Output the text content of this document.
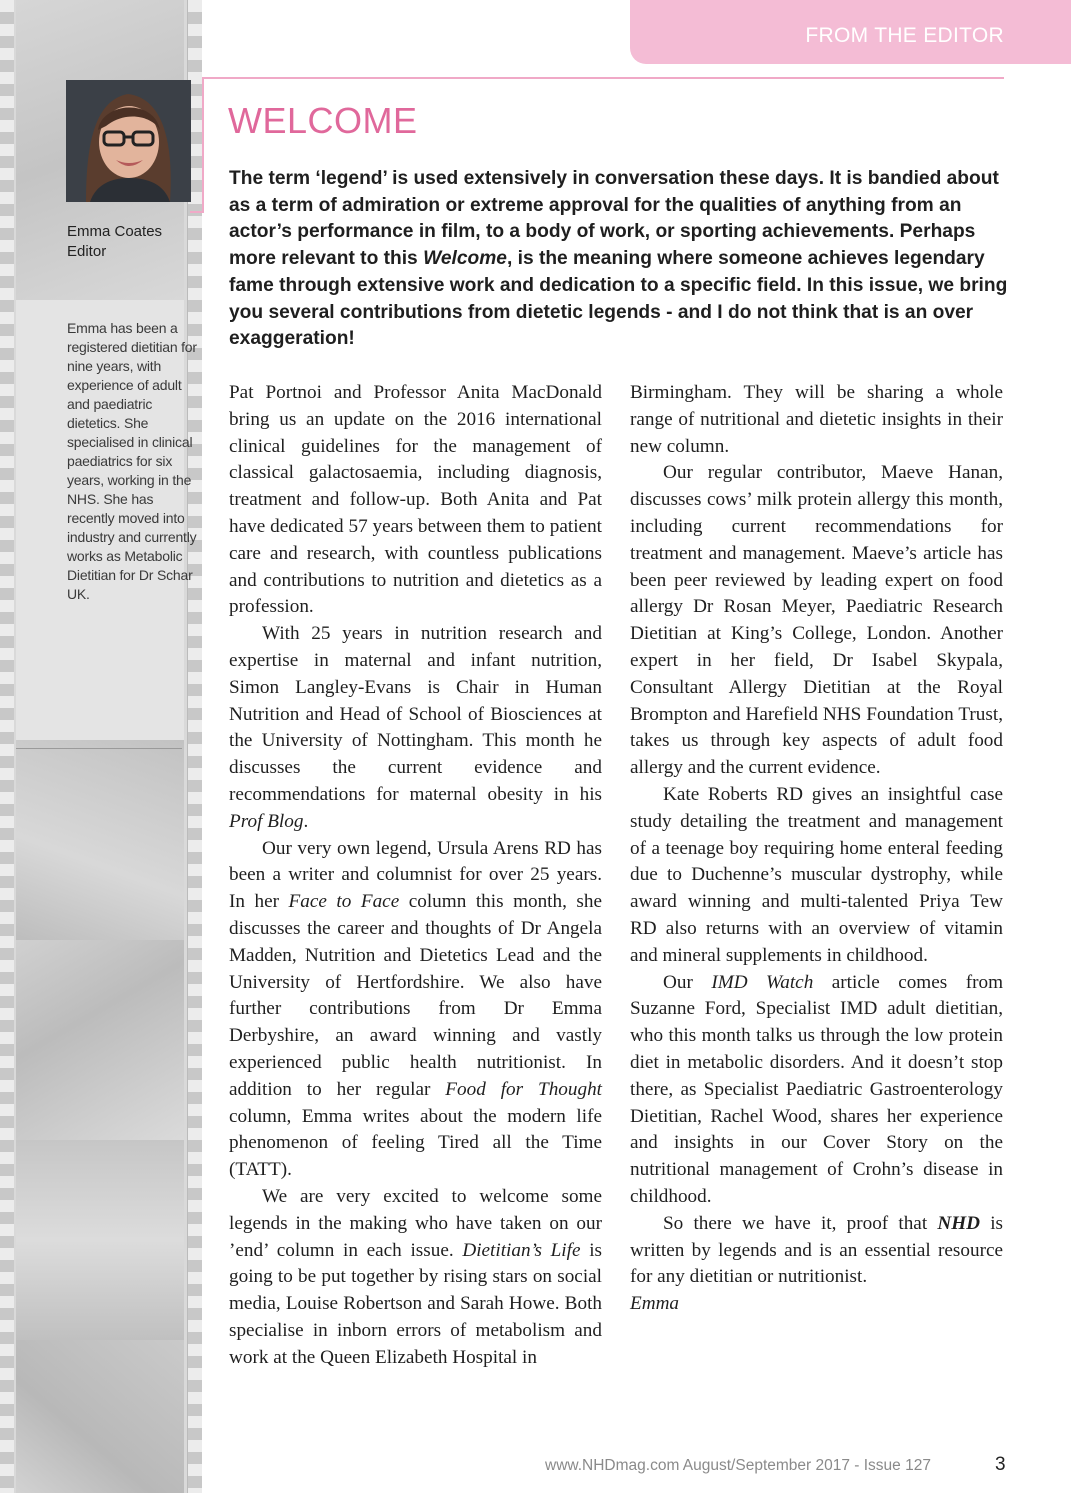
FROM THE EDITOR
Emma Coates
Editor
Emma has been a registered dietitian for nine years, with experience of adult and paediatric dietetics. She specialised in clinical paediatrics for six years, working in the NHS. She has recently moved into industry and currently works as Metabolic Dietitian for Dr Schar UK.
WELCOME

The term ‘legend’ is used extensively in conversation these days. It is bandied about as a term of admiration or extreme approval for the qualities of anything from an actor’s performance in film, to a body of work, or sporting achievements. Perhaps more relevant to this Welcome, is the meaning where someone achieves legendary fame through extensive work and dedication to a specific field. In this issue, we bring you several contributions from dietetic legends - and I do not think that is an over exaggeration!

Pat Portnoi and Professor Anita MacDonald bring us an update on the 2016 international clinical guidelines for the management of classical galactosaemia, including diagnosis, treatment and follow-up. Both Anita and Pat have dedicated 57 years between them to patient care and research, with countless publications and contributions to nutrition and dietetics as a profession.

With 25 years in nutrition research and expertise in maternal and infant nutrition, Simon Langley-Evans is Chair in Human Nutrition and Head of School of Biosciences at the University of Nottingham. This month he discusses the current evidence and recommendations for maternal obesity in his Prof Blog.

Our very own legend, Ursula Arens RD has been a writer and columnist for over 25 years. In her Face to Face column this month, she discusses the career and thoughts of Dr Angela Madden, Nutrition and Dietetics Lead and the University of Hertfordshire. We also have further contributions from Dr Emma Derbyshire, an award winning and vastly experienced public health nutritionist. In addition to her regular Food for Thought column, Emma writes about the modern life phenomenon of feeling Tired all the Time (TATT).

We are very excited to welcome some legends in the making who have taken on our ’end’ column in each issue. Dietitian’s Life is going to be put together by rising stars on social media, Louise Robertson and Sarah Howe. Both specialise in inborn errors of metabolism and work at the Queen Elizabeth Hospital in

Birmingham. They will be sharing a whole range of nutritional and dietetic insights in their new column.

Our regular contributor, Maeve Hanan, discusses cows’ milk protein allergy this month, including current recommendations for treatment and management. Maeve’s article has been peer reviewed by leading expert on food allergy Dr Rosan Meyer, Paediatric Research Dietitian at King’s College, London. Another expert in her field, Dr Isabel Skypala, Consultant Allergy Dietitian at the Royal Brompton and Harefield NHS Foundation Trust, takes us through key aspects of adult food allergy and the current evidence.

Kate Roberts RD gives an insightful case study detailing the treatment and management of a teenage boy requiring home enteral feeding due to Duchenne’s muscular dystrophy, while award winning and multi-talented Priya Tew RD also returns with an overview of vitamin and mineral supplements in childhood.

Our IMD Watch article comes from Suzanne Ford, Specialist IMD adult dietitian, who this month talks us through the low protein diet in metabolic disorders. And it doesn’t stop there, as Specialist Paediatric Gastroenterology Dietitian, Rachel Wood, shares her experience and insights in our Cover Story on the nutritional management of Crohn’s disease in childhood.

So there we have it, proof that NHD is written by legends and is an essential resource for any dietitian or nutritionist.

Emma

www.NHDmag.com August/September 2017 - Issue 127	3
